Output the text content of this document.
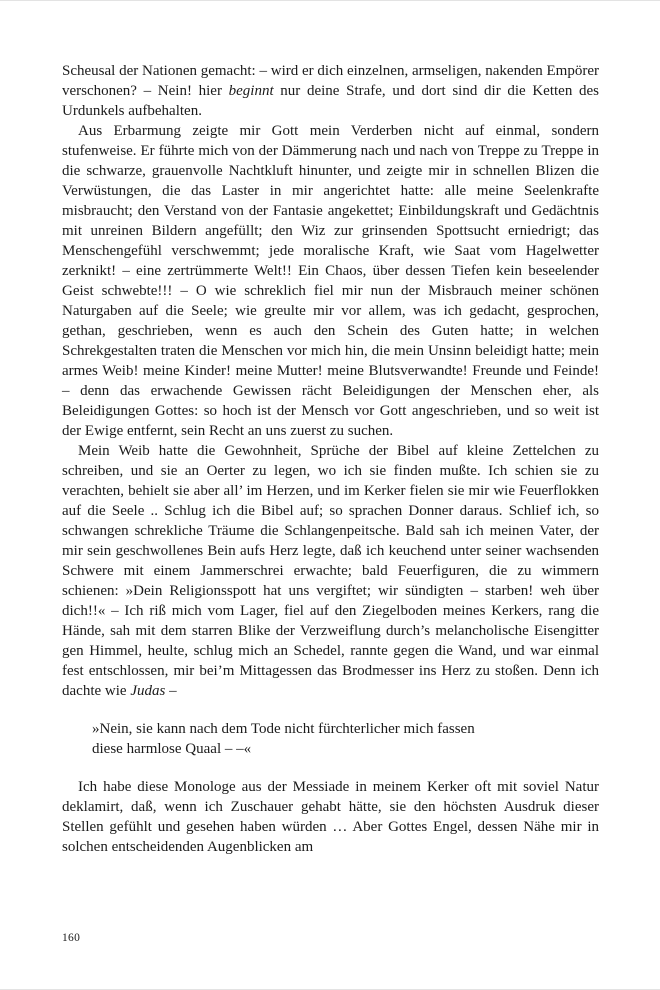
Scheusal der Nationen gemacht: – wird er dich einzelnen, armseligen, nakenden Empörer verschonen? – Nein! hier beginnt nur deine Strafe, und dort sind dir die Ketten des Urdunkels aufbehalten.

Aus Erbarmung zeigte mir Gott mein Verderben nicht auf einmal, sondern stufenweise. Er führte mich von der Dämmerung nach und nach von Treppe zu Treppe in die schwarze, grauenvolle Nachtkluft hinunter, und zeigte mir in schnellen Blizen die Verwüstungen, die das Laster in mir angerichtet hatte: alle meine Seelenkrafte misbraucht; den Verstand von der Fantasie angekettet; Einbildungskraft und Gedächtnis mit unreinen Bildern angefüllt; den Wiz zur grinsenden Spottsucht erniedrigt; das Menschengefühl verschwemmt; jede moralische Kraft, wie Saat vom Hagelwetter zerknikt! – eine zertrümmerte Welt!! Ein Chaos, über dessen Tiefen kein beseelender Geist schwebte!!! – O wie schreklich fiel mir nun der Misbrauch meiner schönen Naturgaben auf die Seele; wie greulte mir vor allem, was ich gedacht, gesprochen, gethan, geschrieben, wenn es auch den Schein des Guten hatte; in welchen Schrekgestalten traten die Menschen vor mich hin, die mein Unsinn beleidigt hatte; mein armes Weib! meine Kinder! meine Mutter! meine Blutsverwandte! Freunde und Feinde! – denn das erwachende Gewissen rächt Beleidigungen der Menschen eher, als Beleidigungen Gottes: so hoch ist der Mensch vor Gott angeschrieben, und so weit ist der Ewige entfernt, sein Recht an uns zuerst zu suchen.

Mein Weib hatte die Gewohnheit, Sprüche der Bibel auf kleine Zettelchen zu schreiben, und sie an Oerter zu legen, wo ich sie finden mußte. Ich schien sie zu verachten, behielt sie aber all’ im Herzen, und im Kerker fielen sie mir wie Feuerflokken auf die Seele .. Schlug ich die Bibel auf; so sprachen Donner daraus. Schlief ich, so schwangen schrekliche Träume die Schlangenpeitsche. Bald sah ich meinen Vater, der mir sein geschwollenes Bein aufs Herz legte, daß ich keuchend unter seiner wachsenden Schwere mit einem Jammerschrei erwachte; bald Feuerfiguren, die zu wimmern schienen: »Dein Religionsspott hat uns vergiftet; wir sündigten – starben! weh über dich!!« – Ich riß mich vom Lager, fiel auf den Ziegelboden meines Kerkers, rang die Hände, sah mit dem starren Blike der Verzweiflung durch’s melancholische Eisengitter gen Himmel, heulte, schlug mich an Schedel, rannte gegen die Wand, und war einmal fest entschlossen, mir bei’m Mittagessen das Brodmesser ins Herz zu stoßen. Denn ich dachte wie Judas –

»Nein, sie kann nach dem Tode nicht fürchterlicher mich fassen
diese harmlose Quaal – –«

Ich habe diese Monologe aus der Messiade in meinem Kerker oft mit soviel Natur deklamirt, daß, wenn ich Zuschauer gehabt hätte, sie den höchsten Ausdruk dieser Stellen gefühlt und gesehen haben würden … Aber Gottes Engel, dessen Nähe mir in solchen entscheidenden Augenblicken am

160
